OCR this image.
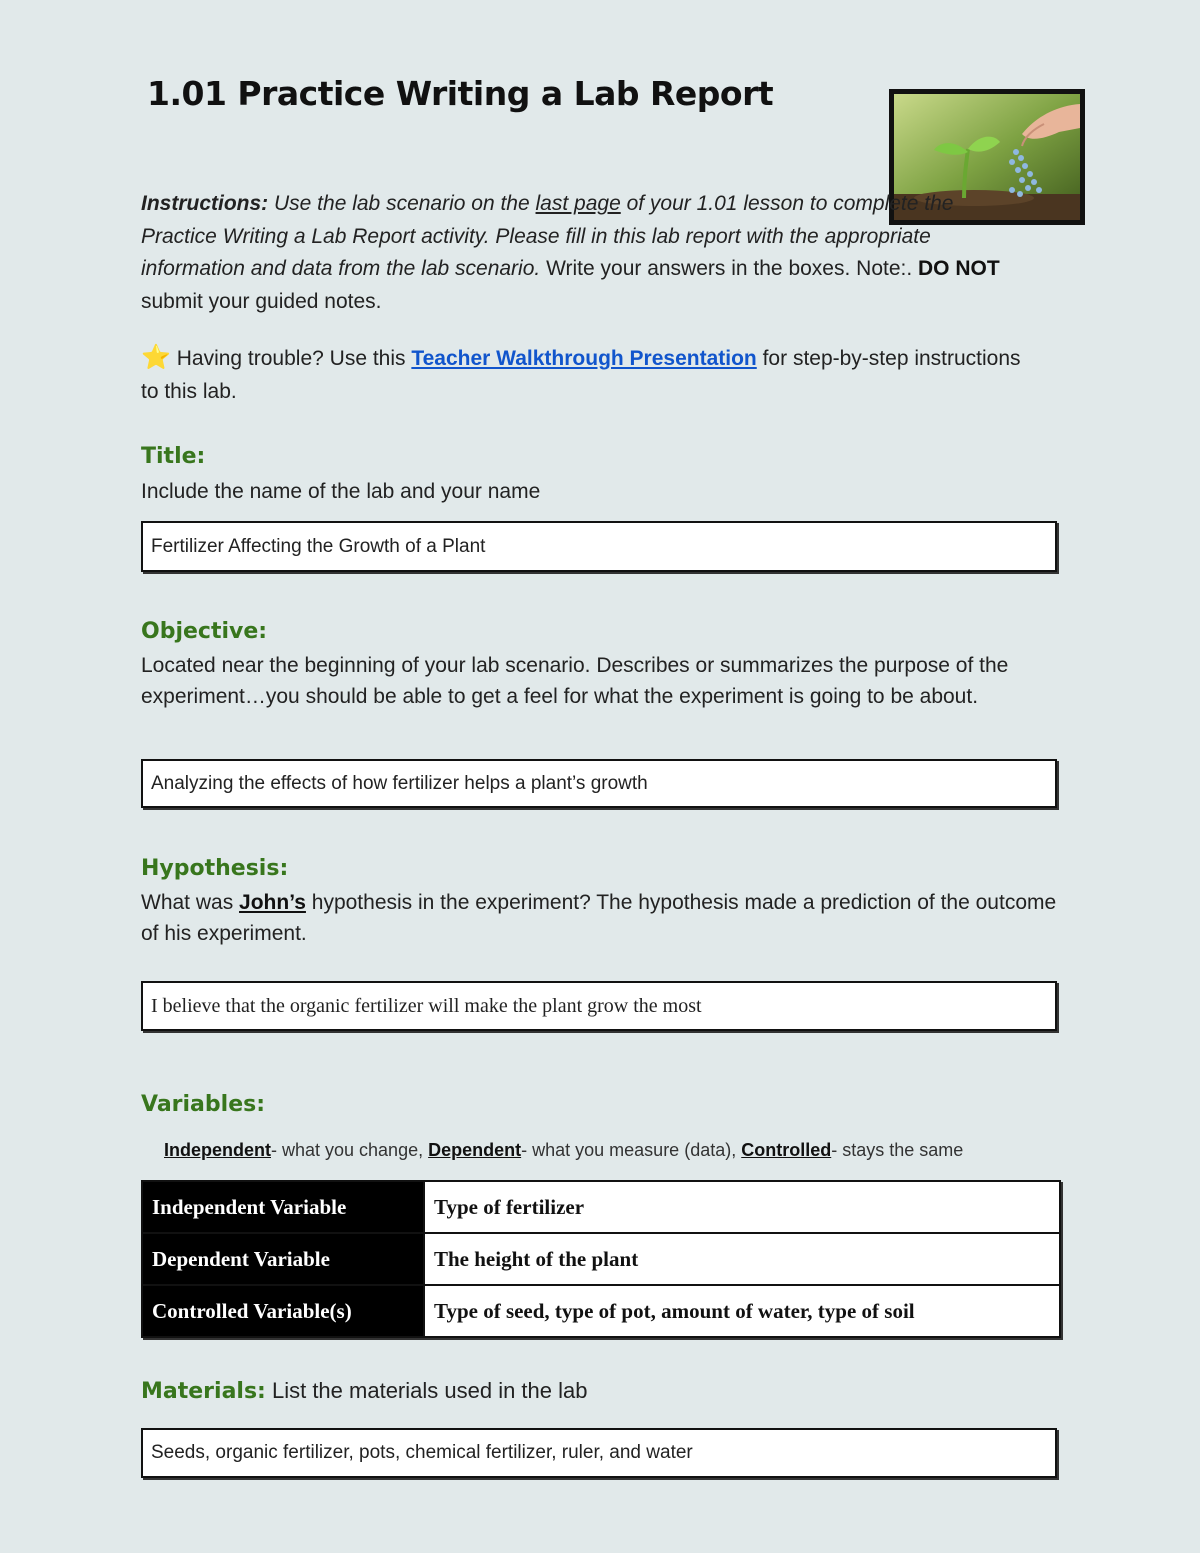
1.01 Practice Writing a Lab Report

Instructions: Use the lab scenario on the last page of your 1.01 lesson to complete the Practice Writing a Lab Report activity. Please fill in this lab report with the appropriate information and data from the lab scenario. Write your answers in the boxes. Note:. DO NOT submit your guided notes.

⭐ Having trouble? Use this Teacher Walkthrough Presentation for step-by-step instructions to this lab.

Title:

Include the name of the lab and your name

Fertilizer Affecting the Growth of a Plant
Objective:

Located near the beginning of your lab scenario. Describes or summarizes the purpose of the experiment…you should be able to get a feel for what the experiment is going to be about.

Analyzing the effects of how fertilizer helps a plant’s growth
Hypothesis:

What was John’s hypothesis in the experiment? The hypothesis made a prediction of the outcome of his experiment.

I believe that the organic fertilizer will make the plant grow the most
Variables:

Independent- what you change, Dependent- what you measure (data), Controlled- stays the same

Independent Variable	Type of fertilizer
Dependent Variable	The height of the plant
Controlled Variable(s)	Type of seed, type of pot, amount of water, type of soil

Materials: List the materials used in the lab

Seeds, organic fertilizer, pots, chemical fertilizer, ruler, and water
